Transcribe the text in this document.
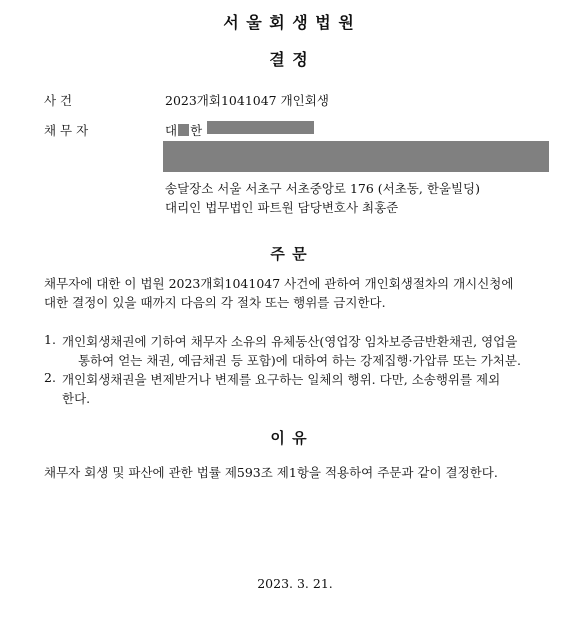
서 울 회 생 법 원
결 정
사 건	2023개회1041047 개인회생
채 무 자	대 한
송달장소 서울 서초구 서초중앙로 176 (서초동, 한울빌딩)
대리인 법무법인 파트원 담당변호사 최홍준
주 문
채무자에 대한 이 법원 2023개회1041047 사건에 관하여 개인회생절차의 개시신청에
대한 결정이 있을 때까지 다음의 각 절차 또는 행위를 금지한다.
1. 개인회생채권에 기하여 채무자 소유의 유체동산(영업장 임차보증금반환채권, 영업을
통하여 얻는 채권, 예금채권 등 포함)에 대하여 하는 강제집행·가압류 또는 가처분.
2. 개인회생채권을 변제받거나 변제를 요구하는 일체의 행위. 다만, 소송행위를 제외
한다.
이 유
채무자 회생 및 파산에 관한 법률 제593조 제1항을 적용하여 주문과 같이 결정한다.
2023. 3. 21.
